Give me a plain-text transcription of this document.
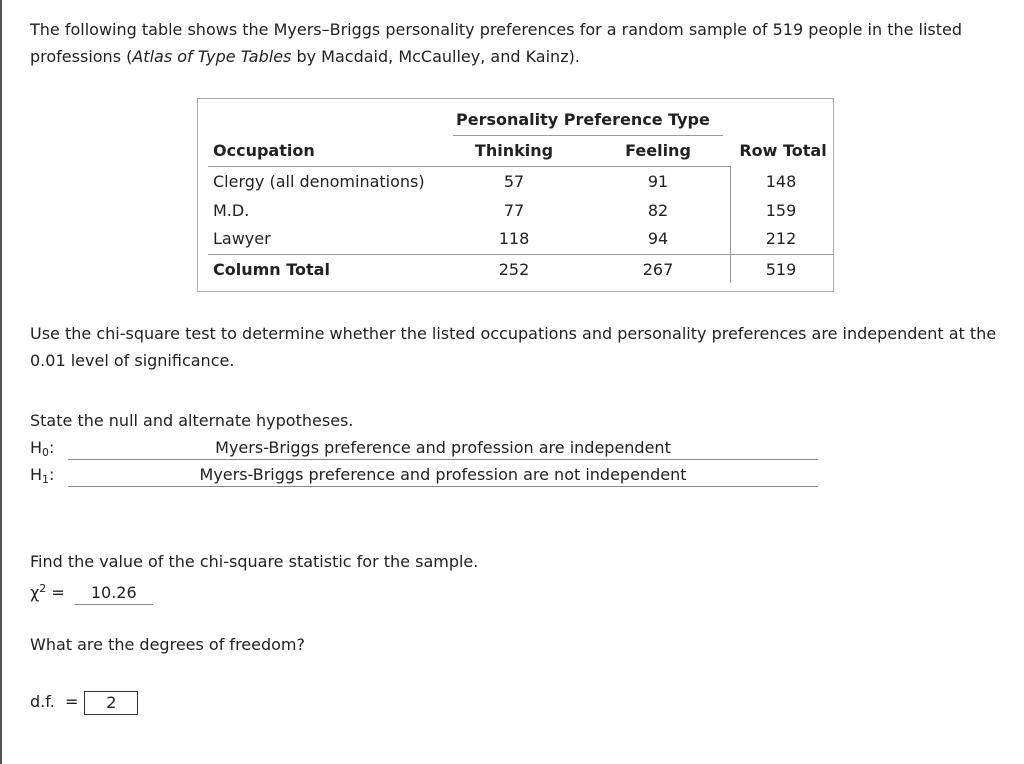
The following table shows the Myers–Briggs personality preferences for a random sample of 519 people in the listed professions (Atlas of Type Tables by Macdaid, McCaulley, and Kainz).
Personality Preference Type
Occupation	Thinking	Feeling	Row Total
Clergy (all denominations)	57	91	148
M.D.	77	82	159
Lawyer	118	94	212
Column Total	252	267	519
Use the chi-square test to determine whether the listed occupations and personality preferences are independent at the 0.01 level of significance.
State the null and alternate hypotheses.
$H_0$:	Myers-Briggs preference and profession are independent
$H_1$:	Myers-Briggs preference and profession are not independent
Find the value of the chi-square statistic for the sample.
$\chi^2 = 10.26$
What are the degrees of freedom?
d.f.  = 2
